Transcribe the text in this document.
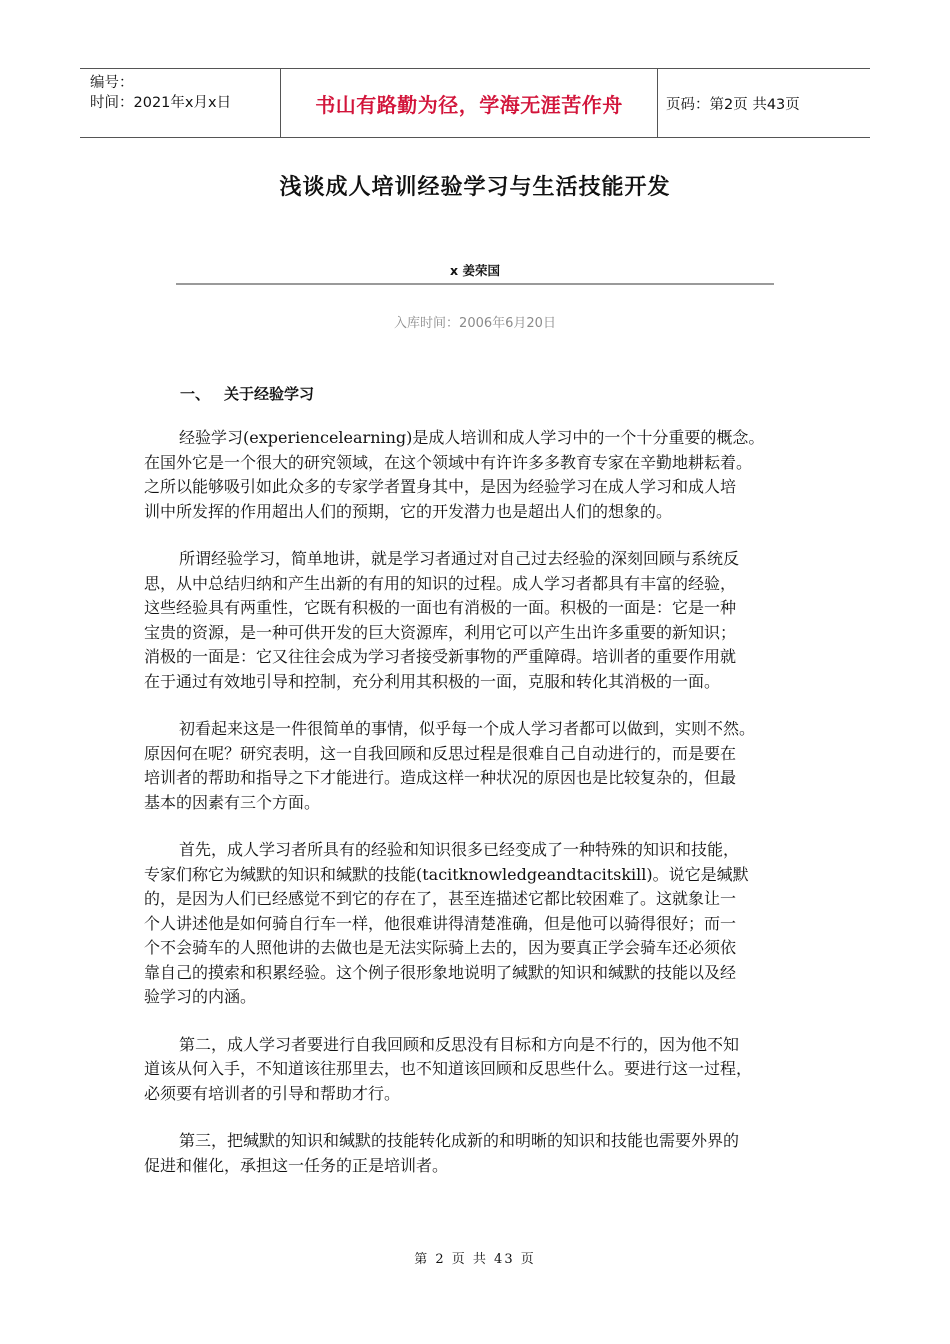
编号：
时间：2021年x月x日	书山有路勤为径，学海无涯苦作舟	页码：第2页 共43页
浅谈成人培训经验学习与生活技能开发
x 姜荣国
入库时间：2006年6月20日
一、 关于经验学习

经验学习(experiencelearning)是成人培训和成人学习中的一个十分重要的概念。
在国外它是一个很大的研究领域，在这个领域中有许许多多教育专家在辛勤地耕耘着。
之所以能够吸引如此众多的专家学者置身其中，是因为经验学习在成人学习和成人培
训中所发挥的作用超出人们的预期，它的开发潜力也是超出人们的想象的。

所谓经验学习，简单地讲，就是学习者通过对自己过去经验的深刻回顾与系统反
思，从中总结归纳和产生出新的有用的知识的过程。成人学习者都具有丰富的经验，
这些经验具有两重性，它既有积极的一面也有消极的一面。积极的一面是：它是一种
宝贵的资源，是一种可供开发的巨大资源库，利用它可以产生出许多重要的新知识；
消极的一面是：它又往往会成为学习者接受新事物的严重障碍。培训者的重要作用就
在于通过有效地引导和控制，充分利用其积极的一面，克服和转化其消极的一面。

初看起来这是一件很简单的事情，似乎每一个成人学习者都可以做到，实则不然。
原因何在呢？研究表明，这一自我回顾和反思过程是很难自己自动进行的，而是要在
培训者的帮助和指导之下才能进行。造成这样一种状况的原因也是比较复杂的，但最
基本的因素有三个方面。

首先，成人学习者所具有的经验和知识很多已经变成了一种特殊的知识和技能，
专家们称它为缄默的知识和缄默的技能(tacitknowledgeandtacitskill)。说它是缄默
的，是因为人们已经感觉不到它的存在了，甚至连描述它都比较困难了。这就象让一
个人讲述他是如何骑自行车一样，他很难讲得清楚准确，但是他可以骑得很好；而一
个不会骑车的人照他讲的去做也是无法实际骑上去的，因为要真正学会骑车还必须依
靠自己的摸索和积累经验。这个例子很形象地说明了缄默的知识和缄默的技能以及经
验学习的内涵。

第二，成人学习者要进行自我回顾和反思没有目标和方向是不行的，因为他不知
道该从何入手，不知道该往那里去，也不知道该回顾和反思些什么。要进行这一过程，
必须要有培训者的引导和帮助才行。

第三，把缄默的知识和缄默的技能转化成新的和明晰的知识和技能也需要外界的
促进和催化，承担这一任务的正是培训者。

第 2 页 共 43 页
